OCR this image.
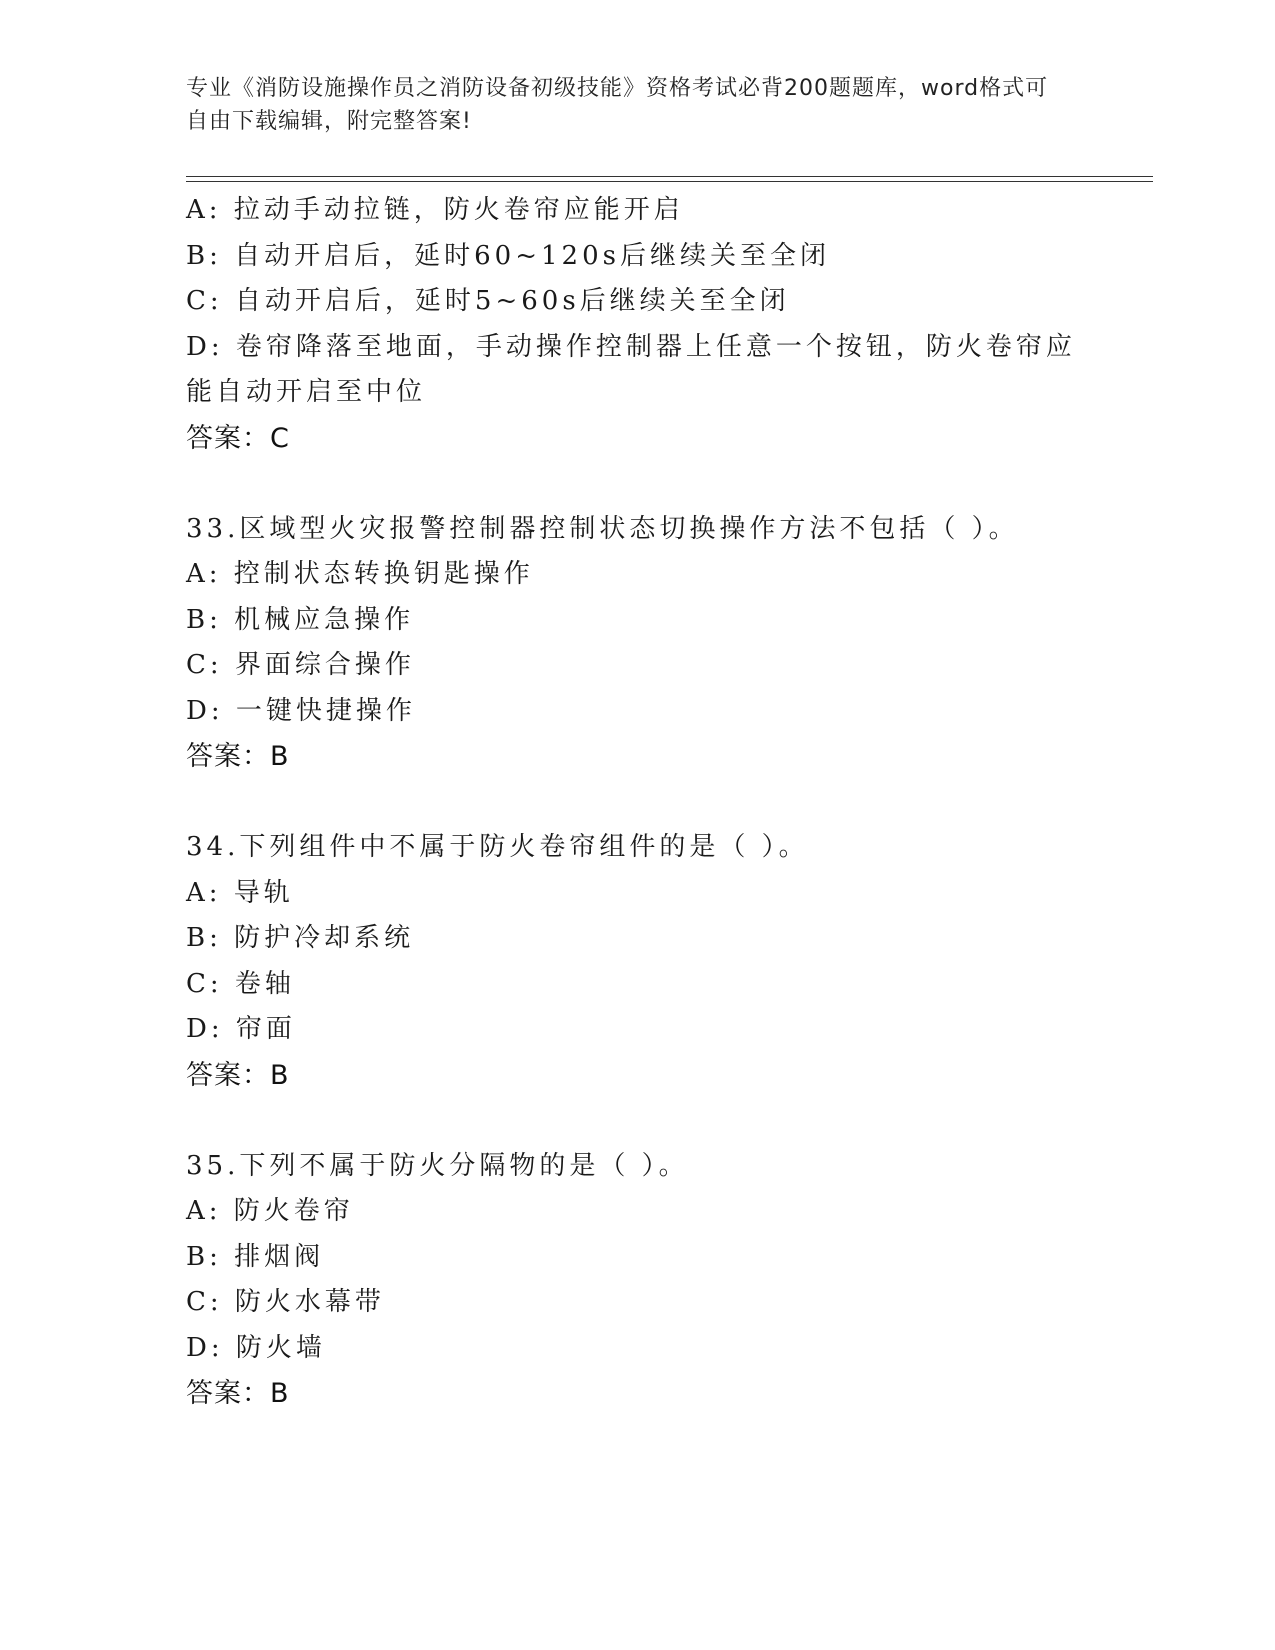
专业《消防设施操作员之消防设备初级技能》资格考试必背200题题库，word格式可自由下载编辑，附完整答案!

A: 拉动手动拉链，防火卷帘应能开启

B: 自动开启后，延时60~120s后继续关至全闭

C: 自动开启后，延时5~60s后继续关至全闭

D: 卷帘降落至地面，手动操作控制器上任意一个按钮，防火卷帘应能自动开启至中位

答案：C

33.区域型火灾报警控制器控制状态切换操作方法不包括（ ）。

A: 控制状态转换钥匙操作

B: 机械应急操作

C: 界面综合操作

D: 一键快捷操作

答案：B

34.下列组件中不属于防火卷帘组件的是（ ）。

A: 导轨

B: 防护冷却系统

C: 卷轴

D: 帘面

答案：B

35.下列不属于防火分隔物的是（ ）。

A: 防火卷帘

B: 排烟阀

C: 防火水幕带

D: 防火墙

答案：B
